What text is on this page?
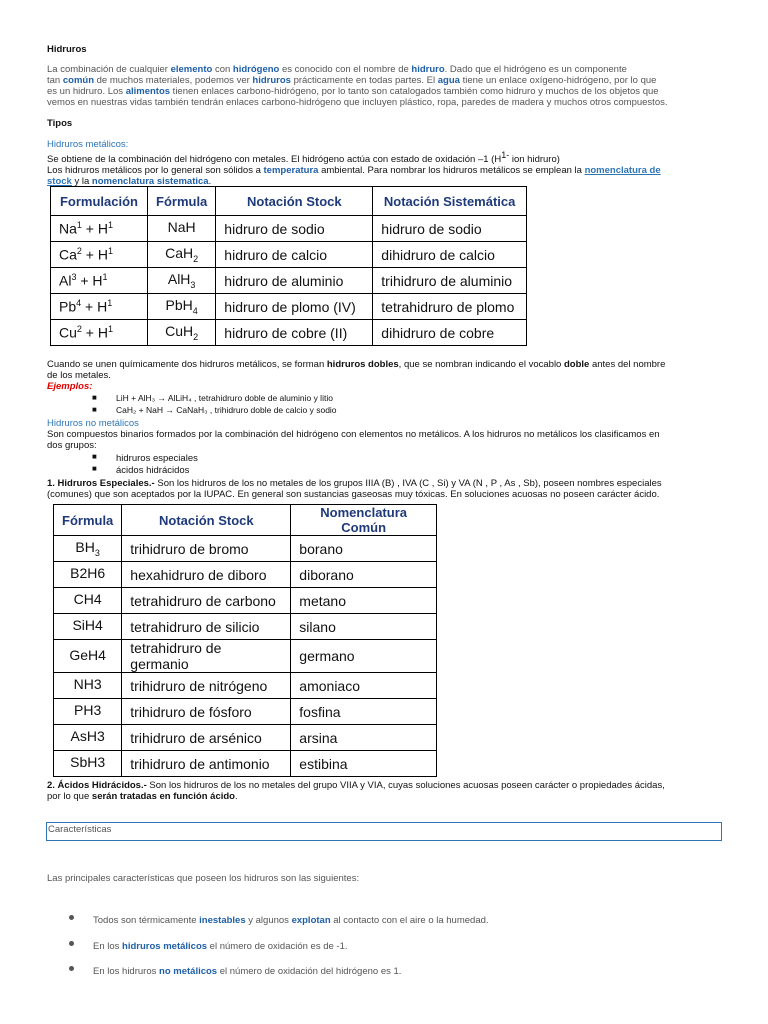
Hidruros

La combinación de cualquier elemento con hidrógeno es conocido con el nombre de hidruro. Dado que el hidrógeno es un componente

tan común de muchos materiales, podemos ver hidruros prácticamente en todas partes. El agua tiene un enlace oxígeno-hidrógeno, por lo que

es un hidruro. Los alimentos tienen enlaces carbono-hidrógeno, por lo tanto son catalogados también como hidruro y muchos de los objetos que

vemos en nuestras vidas también tendrán enlaces carbono-hidrógeno que incluyen plástico, ropa, paredes de madera y muchos otros compuestos.

Tipos

Hidruros metálicos:

Se obtiene de la combinación del hidrógeno con metales. El hidrógeno actúa con estado de oxidación –1 ($H^{1-}$ ion hidruro)

Los hidruros metálicos por lo general son sólidos a temperatura ambiental. Para nombrar los hidruros metálicos se emplean la nomenclatura de

stock y la nomenclatura sistematica.

Formulación	Fórmula	Notación Stock	Notación Sistemática
$Na^1 + H^1$	NaH	hidruro de sodio	hidruro de sodio
$Ca^2 + H^1$	CaH$_2$	hidruro de calcio	dihidruro de calcio
$Al^3 + H^1$	AlH$_3$	hidruro de aluminio	trihidruro de aluminio
$Pb^4 + H^1$	PbH$_4$	hidruro de plomo (IV)	tetrahidruro de plomo
$Cu^2 + H^1$	CuH$_2$	hidruro de cobre (II)	dihidruro de cobre

Cuando se unen químicamente dos hidruros metálicos, se forman hidruros dobles, que se nombran indicando el vocablo doble antes del nombre

de los metales.

Ejemplos:

■ LiH + AlH₃ → AlLiH₄ , tetrahidruro doble de aluminio y litio
■ CaH₂ + NaH → CaNaH₃ , trihidruro doble de calcio y sodio

Hidruros no metálicos

Son compuestos binarios formados por la combinación del hidrógeno con elementos no metálicos. A los hidruros no metálicos los clasificamos en

dos grupos:

■ hidruros especiales
■ ácidos hidrácidos

1. Hidruros Especiales.- Son los hidruros de los no metales de los grupos IIIA (B) , IVA (C , Si) y VA (N , P , As , Sb), poseen nombres especiales

(comunes) que son aceptados por la IUPAC. En general son sustancias gaseosas muy tóxicas. En soluciones acuosas no poseen carácter ácido.

Fórmula	Notación Stock	Nomenclatura Común
$BH_3$	trihidruro de bromo	borano
B2H6	hexahidruro de diboro	diborano
CH4	tetrahidruro de carbono	metano
SiH4	tetrahidruro de silicio	silano
GeH4	tetrahidruro de germanio	germano
NH3	trihidruro de nitrógeno	amoniaco
PH3	trihidruro de fósforo	fosfina
AsH3	trihidruro de arsénico	arsina
SbH3	trihidruro de antimonio	estibina

2. Ácidos Hidrácidos.- Son los hidruros de los no metales del grupo VIIA y VIA, cuyas soluciones acuosas poseen carácter o propiedades ácidas,

por lo que serán tratadas en función ácido.

Características
Las principales características que poseen los hidruros son las siguientes:
Todos son térmicamente inestables y algunos explotan al contacto con el aire o la humedad.
En los hidruros metálicos el número de oxidación es de -1.
En los hidruros no metálicos el número de oxidación del hidrógeno es 1.
